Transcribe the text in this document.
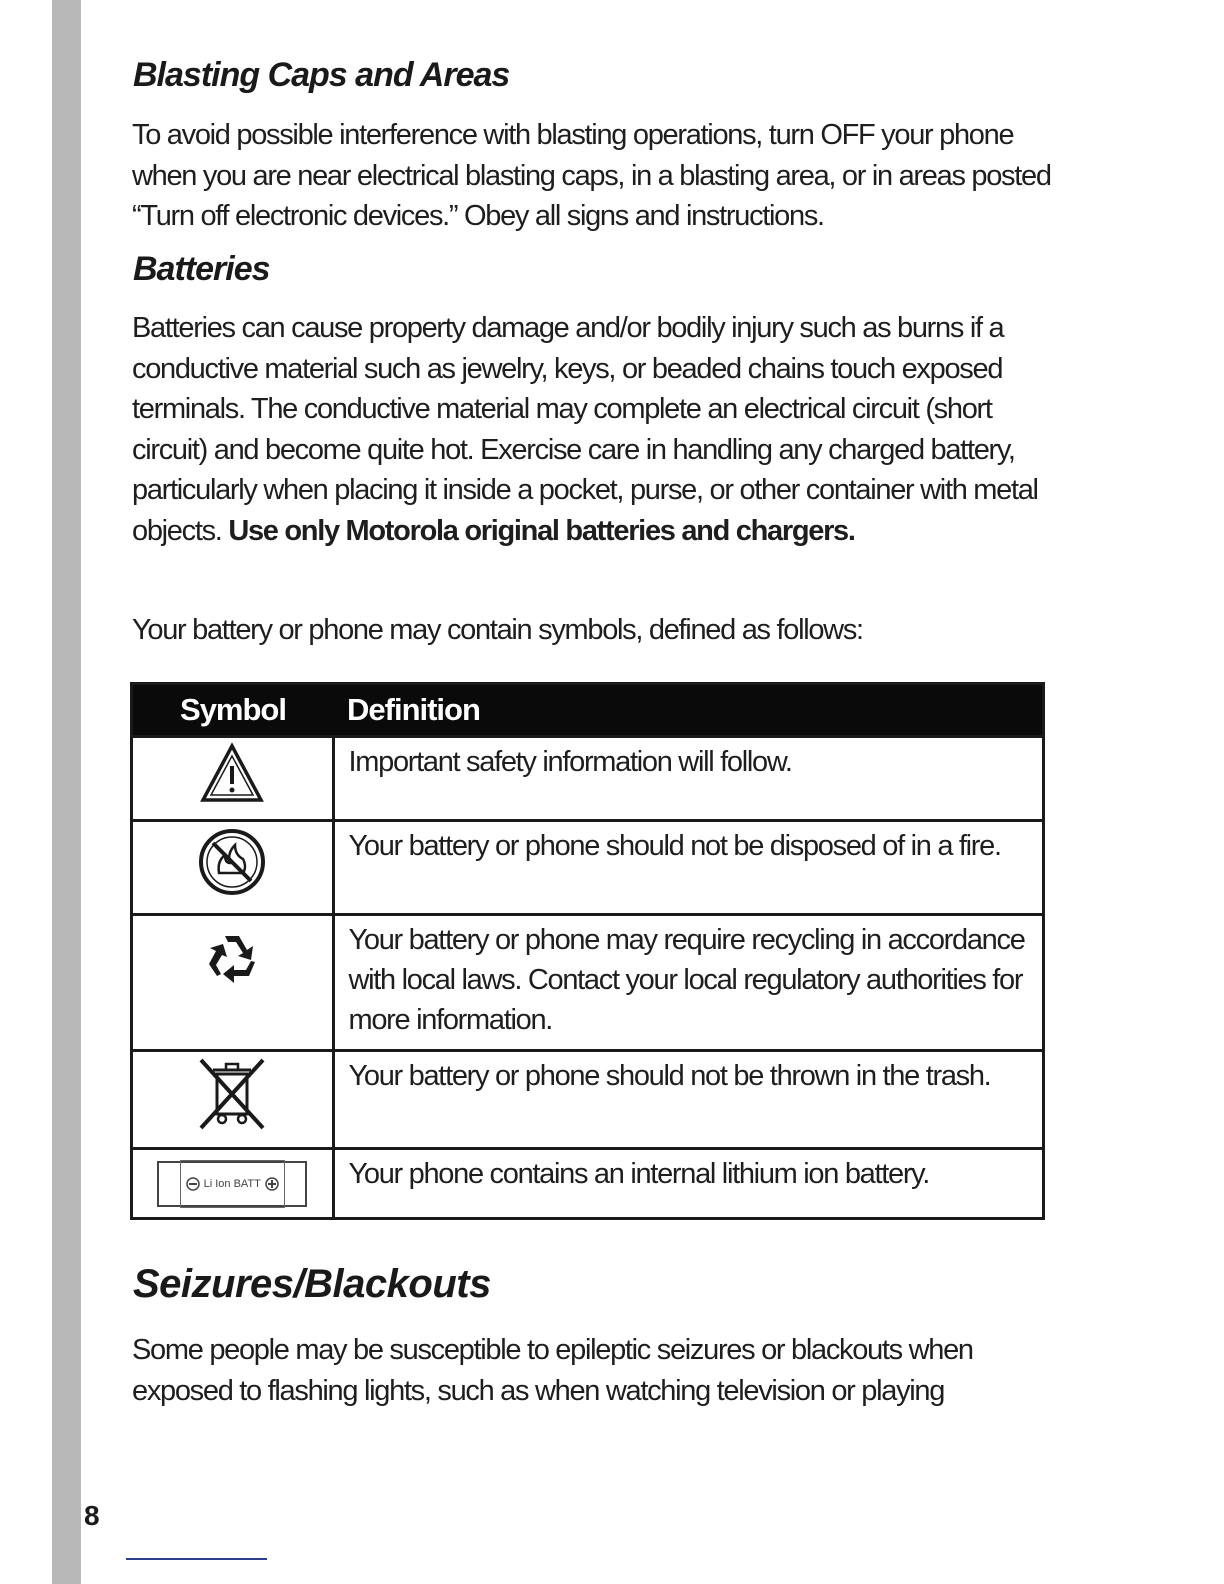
Blasting Caps and Areas

To avoid possible interference with blasting operations, turn OFF your phone when you are near electrical blasting caps, in a blasting area, or in areas posted “Turn off electronic devices.” Obey all signs and instructions.

Batteries

Batteries can cause property damage and/or bodily injury such as burns if a conductive material such as jewelry, keys, or beaded chains touch exposed terminals. The conductive material may complete an electrical circuit (short circuit) and become quite hot. Exercise care in handling any charged battery, particularly when placing it inside a pocket, purse, or other container with metal objects. Use only Motorola original batteries and chargers.

Your battery or phone may contain symbols, defined as follows:

Symbol	Definition
	Important safety information will follow.
	Your battery or phone should not be disposed of in a fire.
	Your battery or phone may require recycling in accordance with local laws. Contact your local regulatory authorities for more information.
	Your battery or phone should not be thrown in the trash.

Li Ion BATT	Your phone contains an internal lithium ion battery.
Seizures/Blackouts

Some people may be susceptible to epileptic seizures or blackouts when exposed to flashing lights, such as when watching television or playing

8
